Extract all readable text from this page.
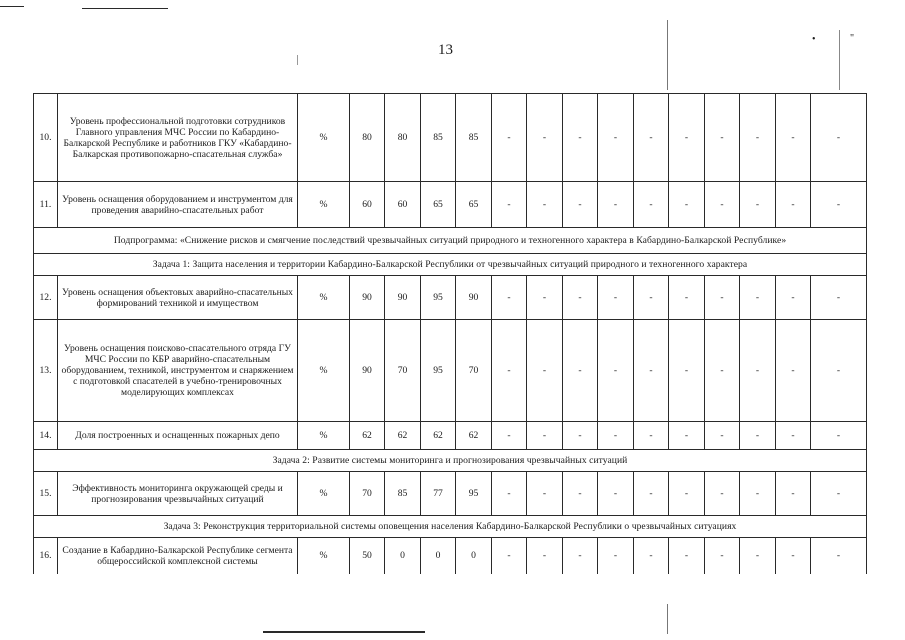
•	"
13
10.	Уровень профессиональной подготовки сотрудников Главного управления МЧС России по Кабардино-Балкарской Республике и работников ГКУ «Кабардино-Балкарская противопожарно-спасательная служба»	%	80	80	85	85	-	-	-	-	-	-	-	-	-	-
11.	Уровень оснащения оборудованием и инструментом для проведения аварийно-спасательных работ	%	60	60	65	65	-	-	-	-	-	-	-	-	-	-
Подпрограмма: «Снижение рисков и смягчение последствий чрезвычайных ситуаций природного и техногенного характера в Кабардино-Балкарской Республике»																
Задача 1: Защита населения и территории Кабардино-Балкарской Республики от чрезвычайных ситуаций природного и техногенного характера																
12.	Уровень оснащения объектовых аварийно-спасательных формирований техникой и имуществом	%	90	90	95	90	-	-	-	-	-	-	-	-	-	-
13.	Уровень оснащения поисково-спасательного отряда ГУ МЧС России по КБР аварийно-спасательным оборудованием, техникой, инструментом и снаряжением с подготовкой спасателей в учебно-тренировочных моделирующих комплексах	%	90	70	95	70	-	-	-	-	-	-	-	-	-	-
14.	Доля построенных и оснащенных пожарных депо	%	62	62	62	62	-	-	-	-	-	-	-	-	-	-
Задача 2: Развитие системы мониторинга и прогнозирования чрезвычайных ситуаций																
15.	Эффективность мониторинга окружающей среды и прогнозирования чрезвычайных ситуаций	%	70	85	77	95	-	-	-	-	-	-	-	-	-	-
Задача 3: Реконструкция территориальной системы оповещения населения Кабардино-Балкарской Республики о чрезвычайных ситуациях																
16.	Создание в Кабардино-Балкарской Республике сегмента общероссийской комплексной системы	%	50	0	0	0	-	-	-	-	-	-	-	-	-	-
